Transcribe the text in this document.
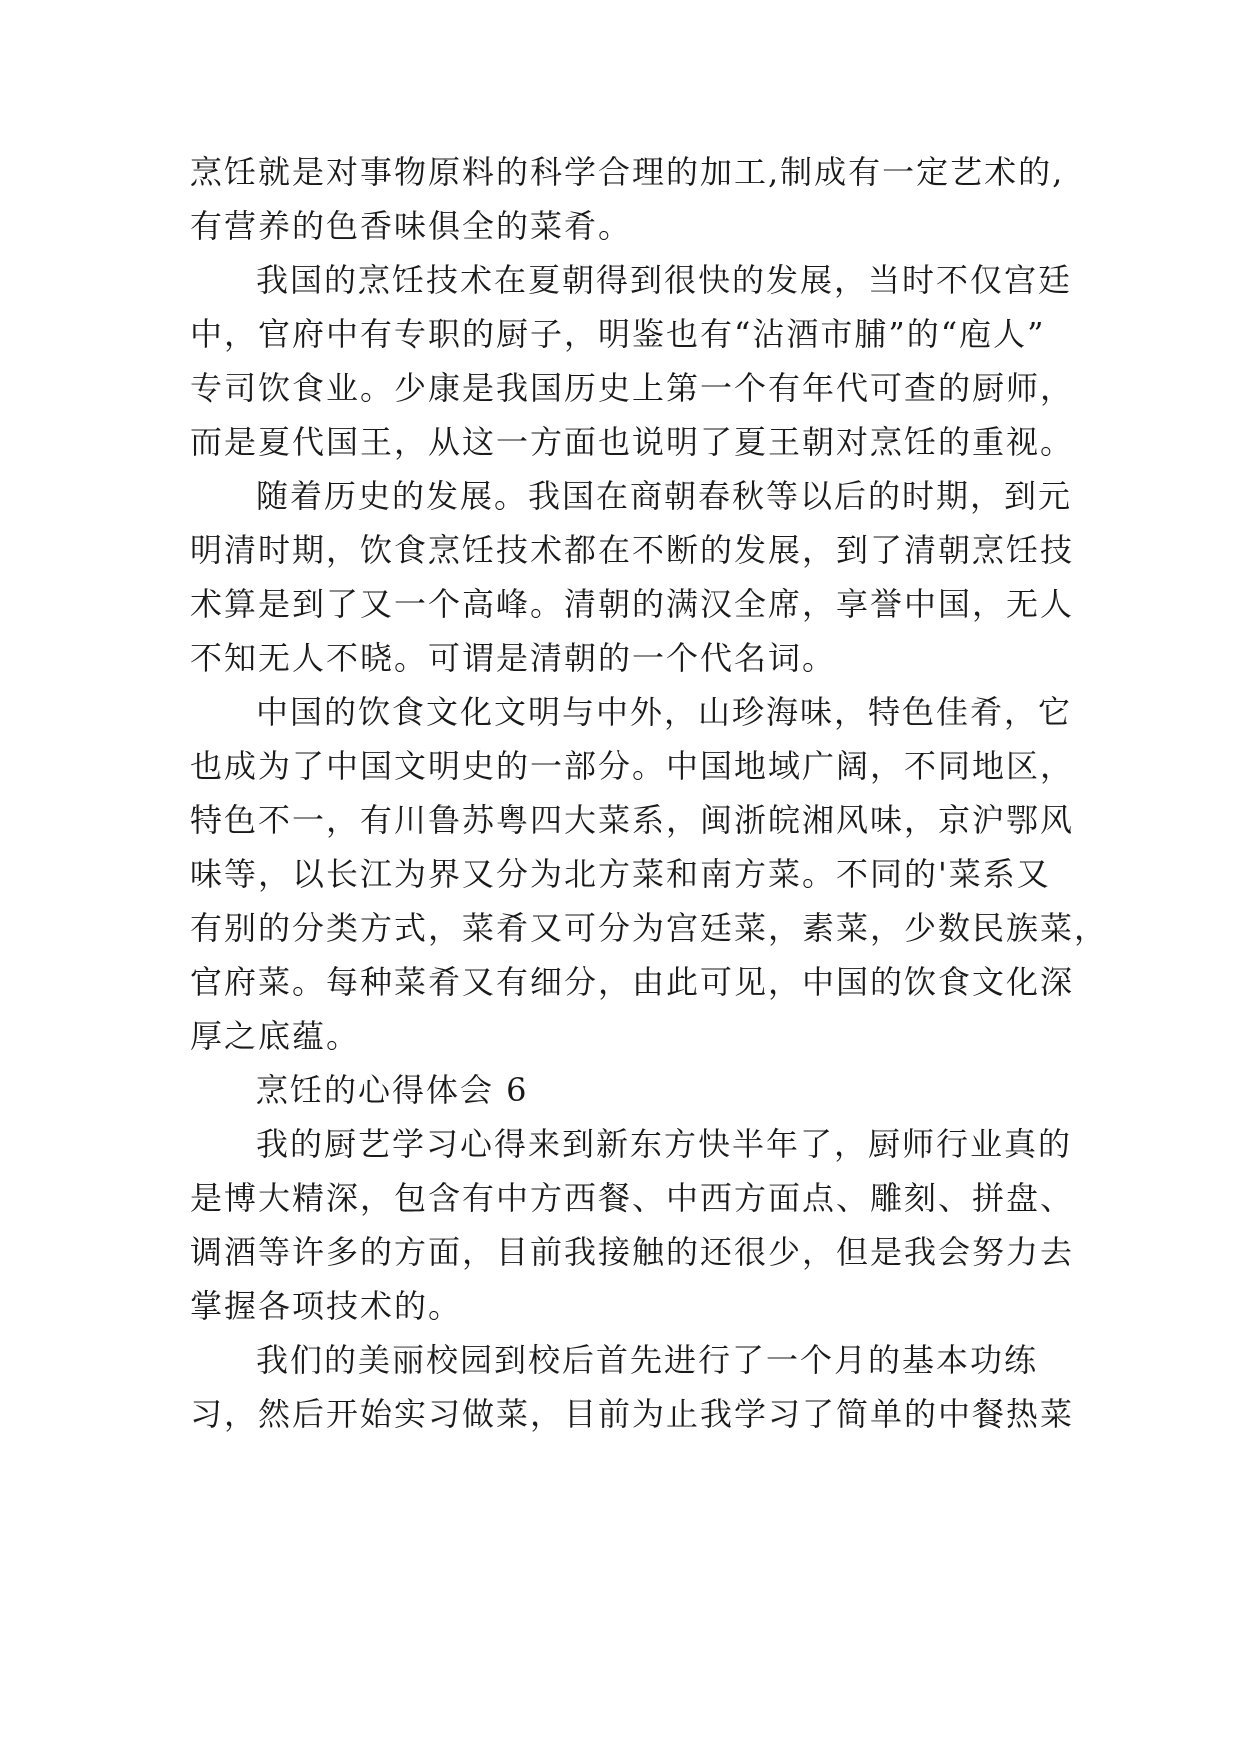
烹饪就是对事物原料的科学合理的加工,制成有一定艺术的,
有营养的色香味俱全的菜肴。
我国的烹饪技术在夏朝得到很快的发展，当时不仅宫廷
中，官府中有专职的厨子，明鉴也有“沾酒市脯”的“庖人”
专司饮食业。少康是我国历史上第一个有年代可查的厨师，
而是夏代国王，从这一方面也说明了夏王朝对烹饪的重视。
随着历史的发展。我国在商朝春秋等以后的时期，到元
明清时期，饮食烹饪技术都在不断的发展，到了清朝烹饪技
术算是到了又一个高峰。清朝的满汉全席，享誉中国，无人
不知无人不晓。可谓是清朝的一个代名词。
中国的饮食文化文明与中外，山珍海味，特色佳肴，它
也成为了中国文明史的一部分。中国地域广阔，不同地区，
特色不一，有川鲁苏粤四大菜系，闽浙皖湘风味，京沪鄂风
味等，以长江为界又分为北方菜和南方菜。不同的'菜系又
有别的分类方式，菜肴又可分为宫廷菜，素菜，少数民族菜，
官府菜。每种菜肴又有细分，由此可见，中国的饮食文化深
厚之底蕴。
烹饪的心得体会 6
我的厨艺学习心得来到新东方快半年了，厨师行业真的
是博大精深，包含有中方西餐、中西方面点、雕刻、拼盘、
调酒等许多的方面，目前我接触的还很少，但是我会努力去
掌握各项技术的。
我们的美丽校园到校后首先进行了一个月的基本功练
习，然后开始实习做菜，目前为止我学习了简单的中餐热菜
